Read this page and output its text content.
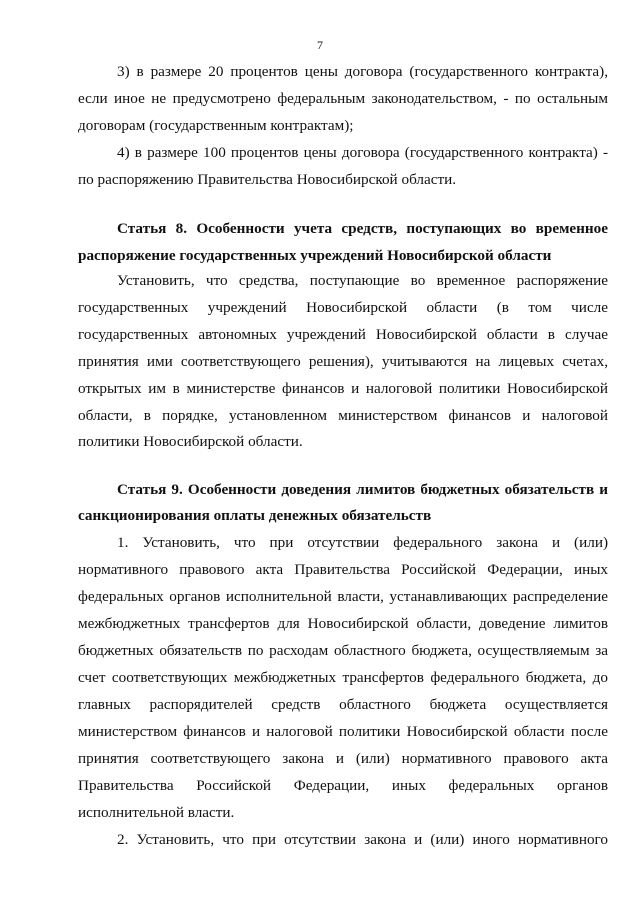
7
3) в размере 20 процентов цены договора (государственного контракта),
если иное не предусмотрено федеральным законодательством, - по остальным
договорам (государственным контрактам);
4) в размере 100 процентов цены договора (государственного контракта) -
по распоряжению Правительства Новосибирской области.
Статья 8. Особенности учета средств, поступающих во временное
распоряжение государственных учреждений Новосибирской области
Установить, что средства, поступающие во временное распоряжение
государственных учреждений Новосибирской области (в том числе
государственных автономных учреждений Новосибирской области в случае
принятия ими соответствующего решения), учитываются на лицевых счетах,
открытых им в министерстве финансов и налоговой политики Новосибирской
области, в порядке, установленном министерством финансов и налоговой
политики Новосибирской области.
Статья 9. Особенности доведения лимитов бюджетных обязательств и
санкционирования оплаты денежных обязательств
1. Установить, что при отсутствии федерального закона и (или)
нормативного правового акта Правительства Российской Федерации, иных
федеральных органов исполнительной власти, устанавливающих распределение
межбюджетных трансфертов для Новосибирской области, доведение лимитов
бюджетных обязательств по расходам областного бюджета, осуществляемым за
счет соответствующих межбюджетных трансфертов федерального бюджета, до
главных распорядителей средств областного бюджета осуществляется
министерством финансов и налоговой политики Новосибирской области после
принятия соответствующего закона и (или) нормативного правового акта
Правительства Российской Федерации, иных федеральных органов
исполнительной власти.
2. Установить, что при отсутствии закона и (или) иного нормативного
